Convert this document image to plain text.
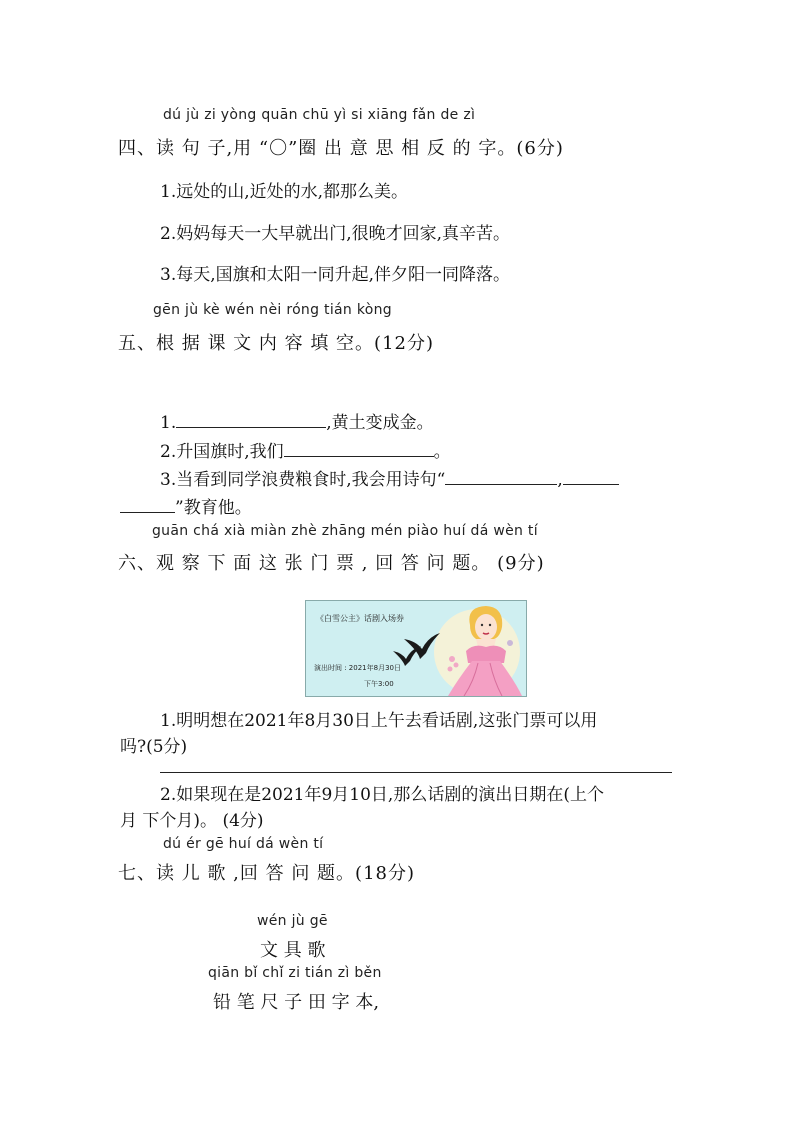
dú jù zi yòng quān chū yì si xiāng fǎn de zì
四、读 句 子,用 “〇”圈 出 意 思 相 反 的 字。(6分)
1.远处的山,近处的水,都那么美。
2.妈妈每天一大早就出门,很晚才回家,真辛苦。
3.每天,国旗和太阳一同升起,伴夕阳一同降落。
gēn jù kè wén nèi róng tián kòng
五、根 据 课 文 内 容 填 空。(12分)
1.	,黄土变成金。
2.升国旗时,我们	。
3.当看到同学浪费粮食时,我会用诗句“	,
”教育他。
guān chá xià miàn zhè zhāng mén piào huí dá wèn tí
六、观 察 下 面 这 张 门 票 , 回 答 问 题。 (9分)
《白雪公主》话剧入场券
演出时间 : 2021年8月30日
下午3:00
1.明明想在2021年8月30日上午去看话剧,这张门票可以用
吗?(5分)
2.如果现在是2021年9月10日,那么话剧的演出日期在(上个
月 下个月)。 (4分)
dú ér gē huí dá wèn tí
七、读 儿 歌 ,回 答 问 题。(18分)
wén jù gē
文 具 歌
qiān bǐ chǐ zi tián zì běn
铅 笔 尺 子 田 字 本,
